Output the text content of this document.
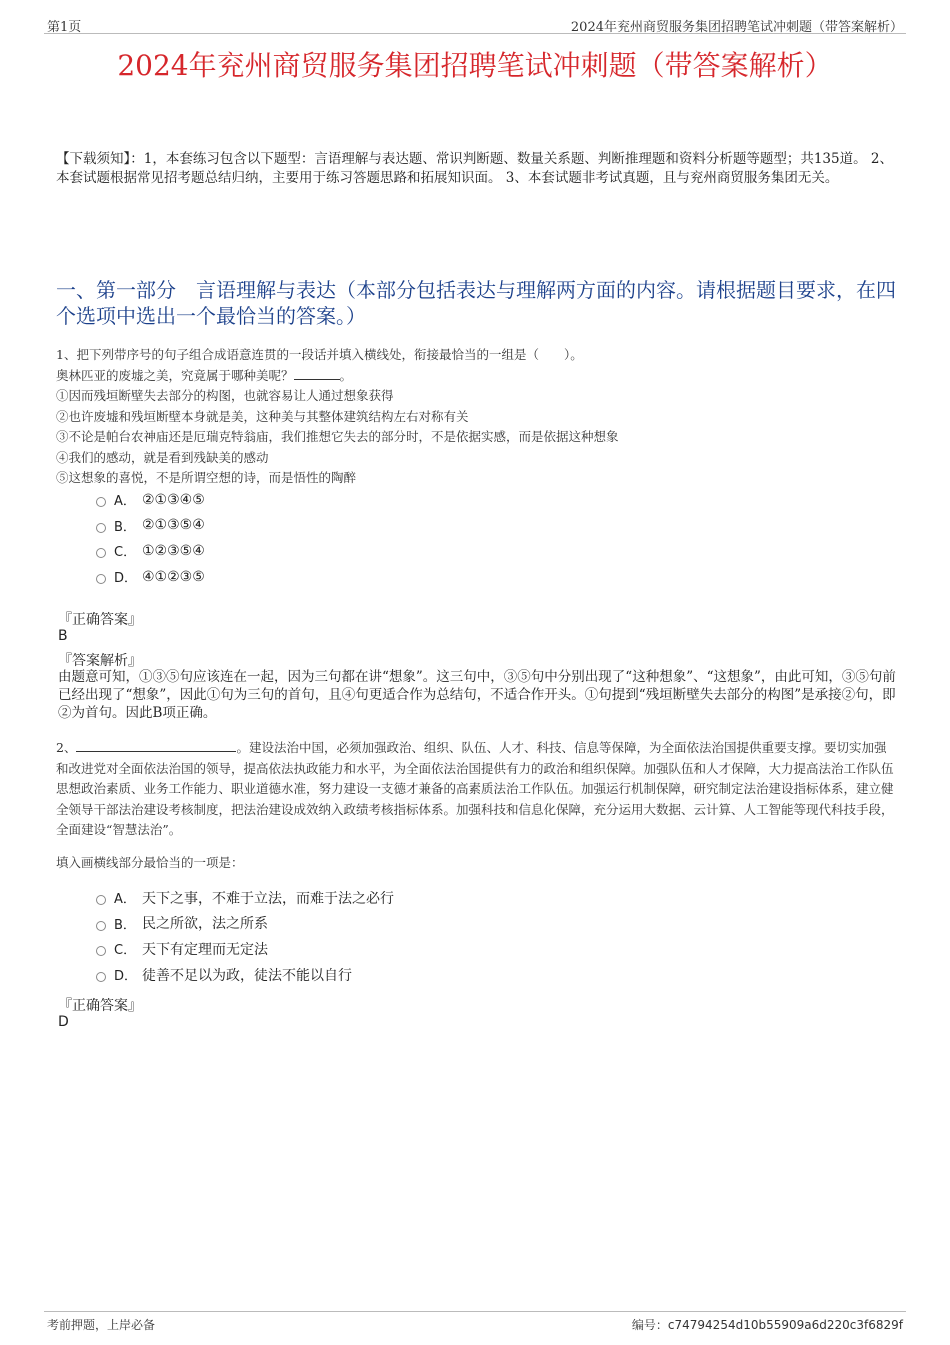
第1页	2024年兖州商贸服务集团招聘笔试冲刺题（带答案解析）
2024年兖州商贸服务集团招聘笔试冲刺题（带答案解析）
【下载须知】：1，本套练习包含以下题型：言语理解与表达题、常识判断题、数量关系题、判断推理题和资料分析题等题型；共135道。 2、本套试题根据常见招考题总结归纳，主要用于练习答题思路和拓展知识面。 3、本套试题非考试真题，且与兖州商贸服务集团无关。
一、第一部分　言语理解与表达（本部分包括表达与理解两方面的内容。请根据题目要求，在四个选项中选出一个最恰当的答案。）

1、把下列带序号的句子组合成语意连贯的一段话并填入横线处，衔接最恰当的一组是（　　）。

奥林匹亚的废墟之美，究竟属于哪种美呢？	。

①因而残垣断壁失去部分的构图，也就容易让人通过想象获得

②也许废墟和残垣断壁本身就是美，这种美与其整体建筑结构左右对称有关

③不论是帕台农神庙还是厄瑞克特翁庙，我们推想它失去的部分时，不是依据实感，而是依据这种想象

④我们的感动，就是看到残缺美的感动

⑤这想象的喜悦，不是所谓空想的诗，而是悟性的陶醉

A． ②①③④⑤
B． ②①③⑤④
C． ①②③⑤④
D． ④①②③⑤
『正确答案』
B
『答案解析』
由题意可知，①③⑤句应该连在一起，因为三句都在讲“想象”。这三句中，③⑤句中分别出现了“这种想象”、“这想象”，由此可知，③⑤句前已经出现了“想象”，因此①句为三句的首句，且④句更适合作为总结句，不适合作开头。①句提到“残垣断壁失去部分的构图”是承接②句，即②为首句。因此B项正确。

2、	。建设法治中国，必须加强政治、组织、队伍、人才、科技、信息等保障，为全面依法治国提供重要支撑。要切实加强和改进党对全面依法治国的领导，提高依法执政能力和水平，为全面依法治国提供有力的政治和组织保障。加强队伍和人才保障，大力提高法治工作队伍思想政治素质、业务工作能力、职业道德水准，努力建设一支德才兼备的高素质法治工作队伍。加强运行机制保障，研究制定法治建设指标体系，建立健全领导干部法治建设考核制度，把法治建设成效纳入政绩考核指标体系。加强科技和信息化保障，充分运用大数据、云计算、人工智能等现代科技手段，全面建设“智慧法治”。

填入画横线部分最恰当的一项是：
A． 天下之事，不难于立法，而难于法之必行
B． 民之所欲，法之所系
C． 天下有定理而无定法
D． 徒善不足以为政，徒法不能以自行
『正确答案』
D
考前押题，上岸必备	编号：c74794254d10b55909a6d220c3f6829f
